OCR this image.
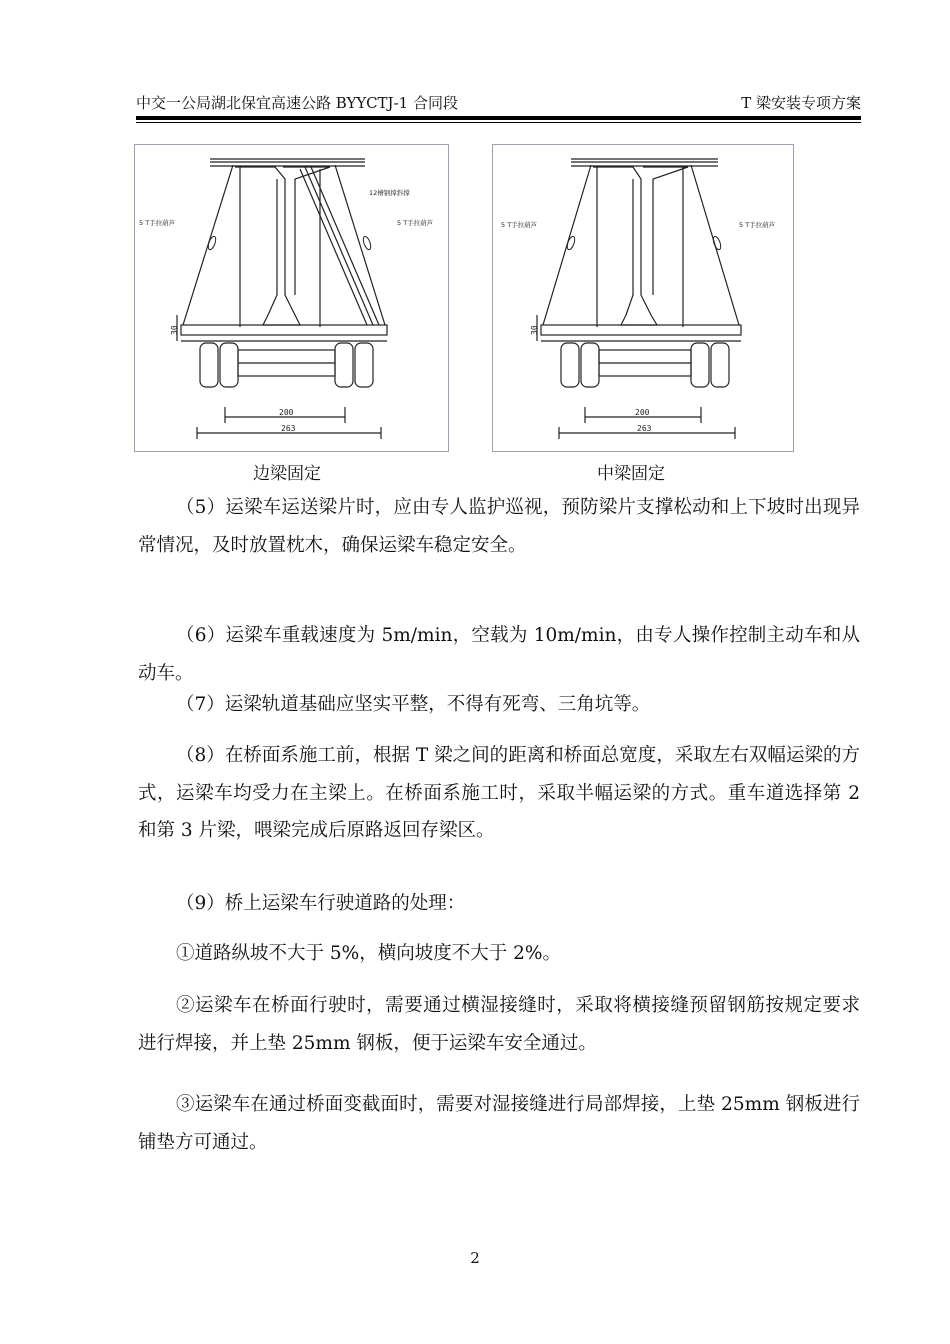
中交一公局湖北保宜高速公路 BYYCTJ-1 合同段	T 梁安装专项方案
5 T手拉葫芦	5 T手拉葫芦
12槽钢撑斜撑
30
200
263
5 T手拉葫芦	5 T手拉葫芦
30
200
263
边梁固定	中梁固定

（5）运梁车运送梁片时，应由专人监护巡视，预防梁片支撑松动和上下坡时出现异常情况，及时放置枕木，确保运梁车稳定安全。

（6）运梁车重载速度为 5m/min，空载为 10m/min，由专人操作控制主动车和从动车。

（7）运梁轨道基础应坚实平整，不得有死弯、三角坑等。

（8）在桥面系施工前，根据 T 梁之间的距离和桥面总宽度，采取左右双幅运梁的方式，运梁车均受力在主梁上。在桥面系施工时，采取半幅运梁的方式。重车道选择第 2 和第 3 片梁，喂梁完成后原路返回存梁区。

（9）桥上运梁车行驶道路的处理：

①道路纵坡不大于 5%，横向坡度不大于 2%。

②运梁车在桥面行驶时，需要通过横湿接缝时，采取将横接缝预留钢筋按规定要求进行焊接，并上垫 25mm 钢板，便于运梁车安全通过。

③运梁车在通过桥面变截面时，需要对湿接缝进行局部焊接，上垫 25mm 钢板进行铺垫方可通过。

2
